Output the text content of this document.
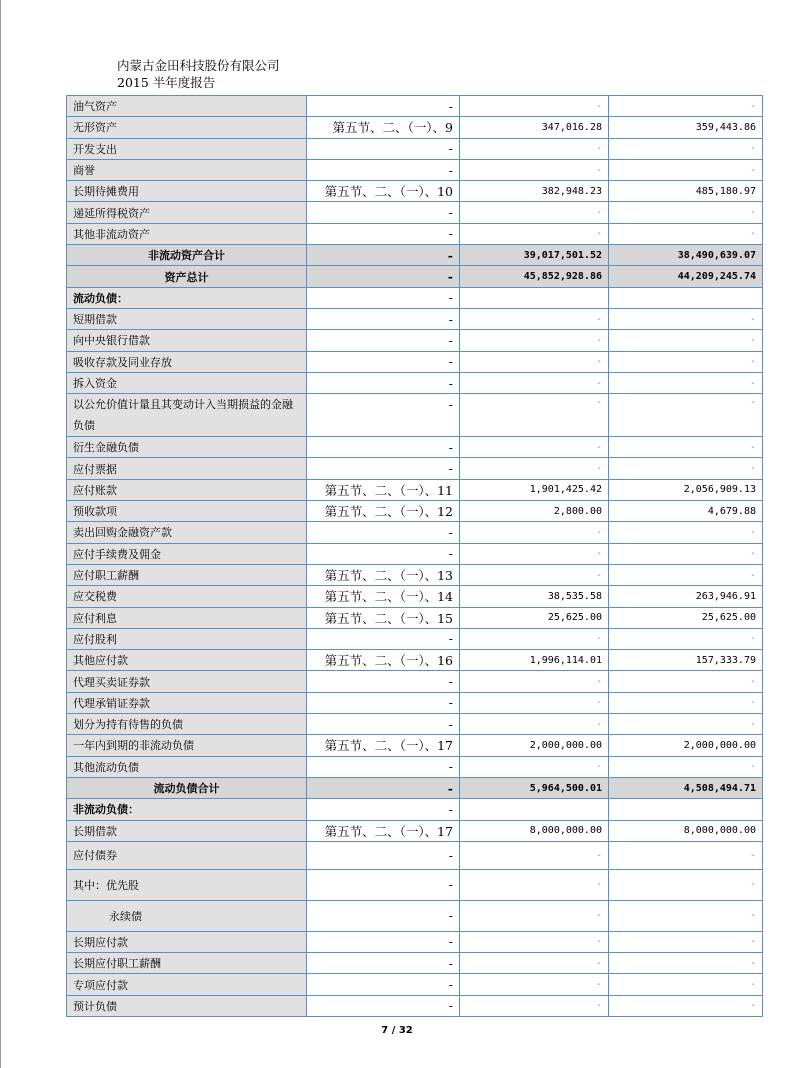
内蒙古金田科技股份有限公司
2015 半年度报告
油气资产	-	-	-
无形资产	第五节、二、（一）、9	347,016.28	359,443.86
开发支出	-	-	-
商誉	-	-	-
长期待摊费用	第五节、二、（一）、10	382,948.23	485,180.97
递延所得税资产	-	-	-
其他非流动资产	-	-	-
非流动资产合计	-	39,017,501.52	38,490,639.07
资产总计	-	45,852,928.86	44,209,245.74
流动负债：	-		
短期借款	-	-	-
向中央银行借款	-	-	-
吸收存款及同业存放	-	-	-
拆入资金	-	-	-
以公允价值计量且其变动计入当期损益的金融负债	-	-	-
衍生金融负债	-	-	-
应付票据	-	-	-
应付账款	第五节、二、（一）、11	1,901,425.42	2,056,909.13
预收款项	第五节、二、（一）、12	2,800.00	4,679.88
卖出回购金融资产款	-	-	-
应付手续费及佣金	-	-	-
应付职工薪酬	第五节、二、（一）、13	-	-
应交税费	第五节、二、（一）、14	38,535.58	263,946.91
应付利息	第五节、二、（一）、15	25,625.00	25,625.00
应付股利	-	-	-
其他应付款	第五节、二、（一）、16	1,996,114.01	157,333.79
代理买卖证券款	-	-	-
代理承销证券款	-	-	-
划分为持有待售的负债	-	-	-
一年内到期的非流动负债	第五节、二、（一）、17	2,000,000.00	2,000,000.00
其他流动负债	-	-	-
流动负债合计	-	5,964,500.01	4,508,494.71
非流动负债：	-		
长期借款	第五节、二、（一）、17	8,000,000.00	8,000,000.00
应付债券	-	-	-
其中：优先股	-	-	-
永续债	-	-	-
长期应付款	-	-	-
长期应付职工薪酬	-	-	-
专项应付款	-	-	-
预计负债	-	-	-
7 / 32
